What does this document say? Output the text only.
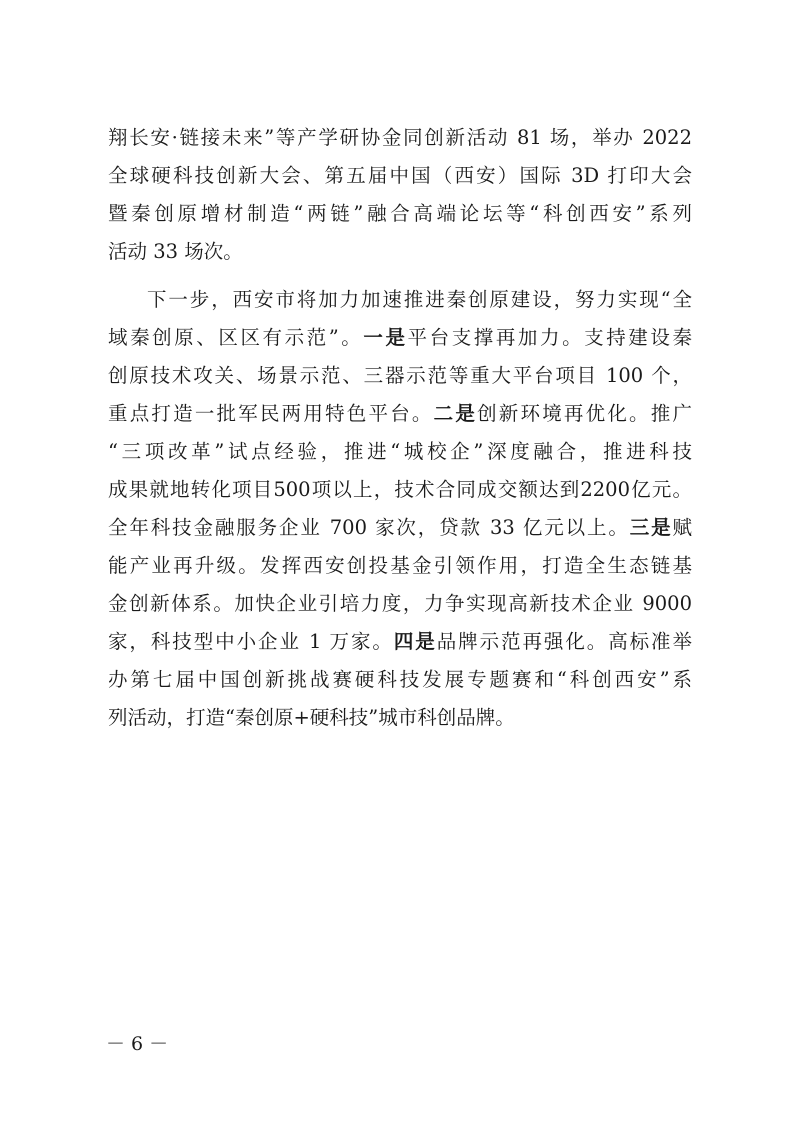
翔长安·链接未来”等产学研协金同创新活动 81 场，举办 2022
全球硬科技创新大会、第五届中国（西安）国际 3D 打印大会
暨秦创原增材制造“两链”融合高端论坛等“科创西安”系列
活动 33 场次。
下一步，西安市将加力加速推进秦创原建设，努力实现“全
域秦创原、区区有示范”。一是平台支撑再加力。支持建设秦
创原技术攻关、场景示范、三器示范等重大平台项目 100 个，
重点打造一批军民两用特色平台。二是创新环境再优化。推广
“三项改革”试点经验，推进“城校企”深度融合，推进科技
成果就地转化项目500项以上，技术合同成交额达到2200亿元。
全年科技金融服务企业 700 家次，贷款 33 亿元以上。三是赋
能产业再升级。发挥西安创投基金引领作用，打造全生态链基
金创新体系。加快企业引培力度，力争实现高新技术企业 9000
家，科技型中小企业 1 万家。四是品牌示范再强化。高标准举
办第七届中国创新挑战赛硬科技发展专题赛和“科创西安”系
列活动，打造“秦创原+硬科技”城市科创品牌。
－ 6 －
